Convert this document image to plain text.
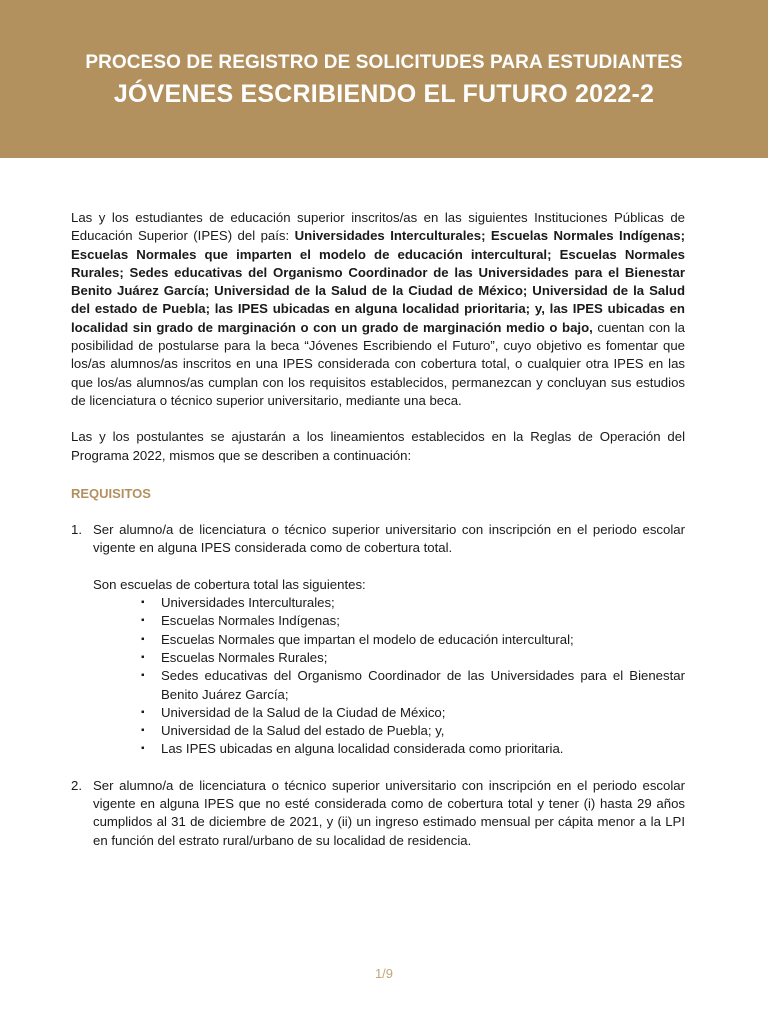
PROCESO DE REGISTRO DE SOLICITUDES PARA ESTUDIANTES
JÓVENES ESCRIBIENDO EL FUTURO 2022-2

Las y los estudiantes de educación superior inscritos/as en las siguientes Instituciones Públicas de Educación Superior (IPES) del país: Universidades Interculturales; Escuelas Normales Indígenas; Escuelas Normales que imparten el modelo de educación intercultural; Escuelas Normales Rurales; Sedes educativas del Organismo Coordinador de las Universidades para el Bienestar Benito Juárez García; Universidad de la Salud de la Ciudad de México; Universidad de la Salud del estado de Puebla; las IPES ubicadas en alguna localidad prioritaria; y, las IPES ubicadas en localidad sin grado de marginación o con un grado de marginación medio o bajo, cuentan con la posibilidad de postularse para la beca “Jóvenes Escribiendo el Futuro”, cuyo objetivo es fomentar que los/as alumnos/as inscritos en una IPES considerada con cobertura total, o cualquier otra IPES en las que los/as alumnos/as cumplan con los requisitos establecidos, permanezcan y concluyan sus estudios de licenciatura o técnico superior universitario, mediante una beca.

Las y los postulantes se ajustarán a los lineamientos establecidos en la Reglas de Operación del Programa 2022, mismos que se describen a continuación:

REQUISITOS
1. Ser alumno/a de licenciatura o técnico superior universitario con inscripción en el periodo escolar vigente en alguna IPES considerada como de cobertura total.

Son escuelas de cobertura total las siguientes:

▪ Universidades Interculturales;
▪ Escuelas Normales Indígenas;
▪ Escuelas Normales que impartan el modelo de educación intercultural;
▪ Escuelas Normales Rurales;
▪ Sedes educativas del Organismo Coordinador de las Universidades para el Bienestar Benito Juárez García;
▪ Universidad de la Salud de la Ciudad de México;
▪ Universidad de la Salud del estado de Puebla; y,
▪ Las IPES ubicadas en alguna localidad considerada como prioritaria.
2. Ser alumno/a de licenciatura o técnico superior universitario con inscripción en el periodo escolar vigente en alguna IPES que no esté considerada como de cobertura total y tener (i) hasta 29 años cumplidos al 31 de diciembre de 2021, y (ii) un ingreso estimado mensual per cápita menor a la LPI en función del estrato rural/urbano de su localidad de residencia.

1/9
